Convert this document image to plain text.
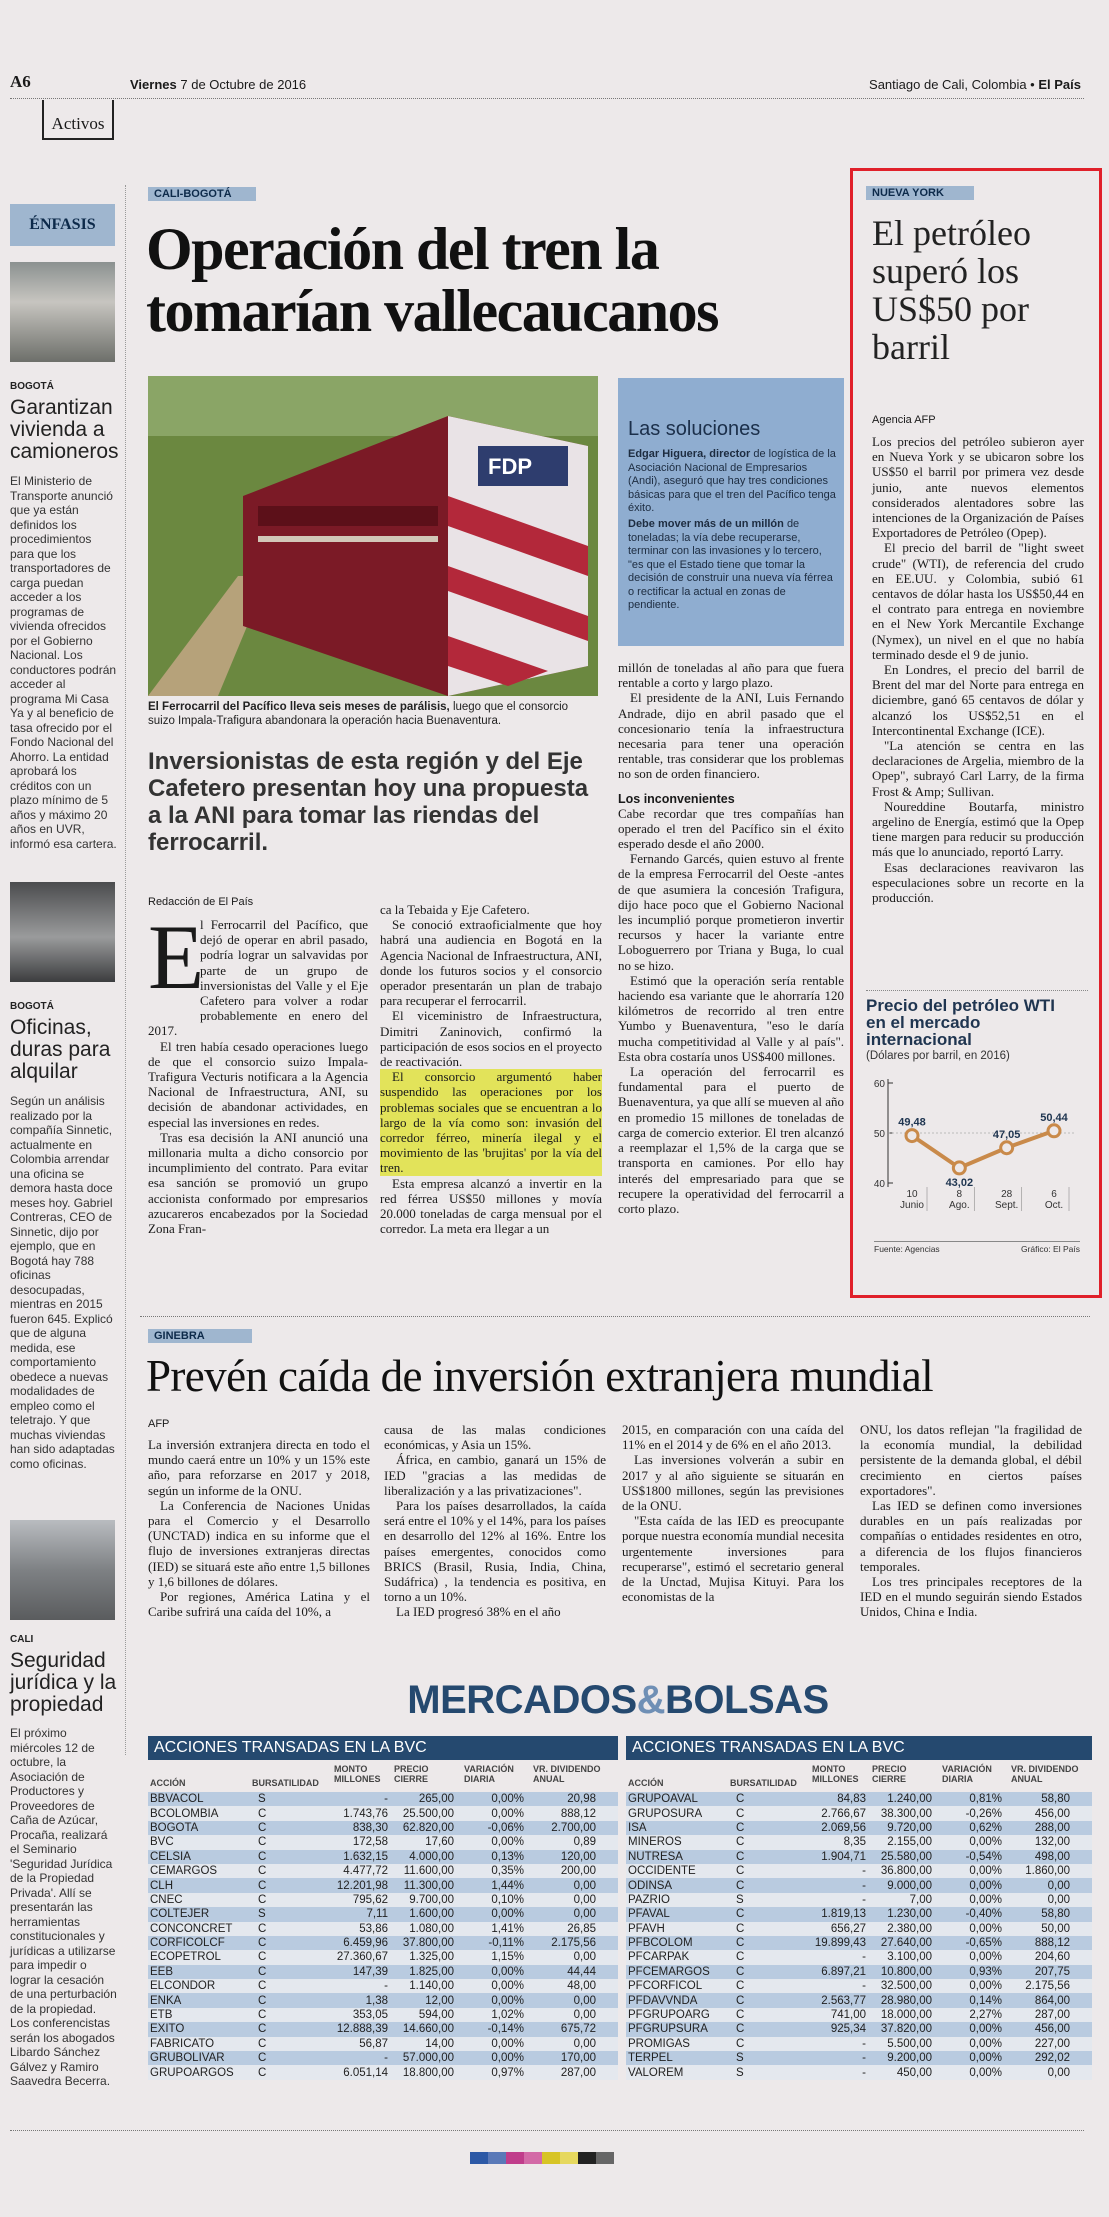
A6	Viernes 7 de Octubre de 2016	Santiago de Cali, Colombia • El País
Activos
ÉNFASIS
BOGOTÁ
Garantizan vivienda a camioneros
El Ministerio de Transporte anunció que ya están definidos los procedimientos para que los transportadores de carga puedan acceder a los programas de vivienda ofrecidos por el Gobierno Nacional. Los conductores podrán acceder al programa Mi Casa Ya y al beneficio de tasa ofrecido por el Fondo Nacional del Ahorro. La entidad aprobará los créditos con un plazo mínimo de 5 años y máximo 20 años en UVR, informó esa cartera.
BOGOTÁ
Oficinas, duras para alquilar
Según un análisis realizado por la compañía Sinnetic, actualmente en Colombia arrendar una oficina se demora hasta doce meses hoy. Gabriel Contreras, CEO de Sinnetic, dijo por ejemplo, que en Bogotá hay 788 oficinas desocupadas, mientras en 2015 fueron 645. Explicó que de alguna medida, ese comportamiento obedece a nuevas modalidades de empleo como el teletrajo. Y que muchas viviendas han sido adaptadas como oficinas.
CALI
Seguridad jurídica y la propiedad
El próximo miércoles 12 de octubre, la Asociación de Productores y Proveedores de Caña de Azúcar, Procaña, realizará el Seminario 'Seguridad Jurídica de la Propiedad Privada'. Allí se presentarán las herramientas constitucionales y jurídicas a utilizarse para impedir o lograr la cesación de una perturbación de la propiedad. Los conferencistas serán los abogados Libardo Sánchez Gálvez y Ramiro Saavedra Becerra.
CALI-BOGOTÁ
Operación del tren la tomarían vallecaucanos
FDP
El Ferrocarril del Pacífico lleva seis meses de parálisis, luego que el consorcio suizo Impala-Trafigura abandonara la operación hacia Buenaventura.
Inversionistas de esta región y del Eje Cafetero presentan hoy una propuesta a la ANI para tomar las riendas del ferrocarril.
Redacción de El País
E

l Ferrocarril del Pacífico, que dejó de operar en abril pasado, podría lograr un salvavidas por parte de un grupo de inversionistas del Valle y el Eje Cafetero para volver a rodar probablemente en enero del 2017.

El tren había cesado operaciones luego de que el consorcio suizo Impala-Trafigura Vecturis notificara a la Agencia Nacional de Infraestructura, ANI, su decisión de abandonar actividades, en especial las inversiones en redes.

Tras esa decisión la ANI anunció una millonaria multa a dicho consorcio por incumplimiento del contrato. Para evitar esa sanción se promovió un grupo accionista conformado por empresarios azucareros encabezados por la Sociedad Zona Fran-

ca la Tebaida y Eje Cafetero.

Se conoció extraoficialmente que hoy habrá una audiencia en Bogotá en la Agencia Nacional de Infraestructura, ANI, donde los futuros socios y el consorcio operador presentarán un plan de trabajo para recuperar el ferrocarril.

El viceministro de Infraestructura, Dimitri Zaninovich, confirmó la participación de esos socios en el proyecto de reactivación.

El consorcio argumentó haber suspendido las operaciones por los problemas sociales que se encuentran a lo largo de la vía como son: invasión del corredor férreo, minería ilegal y el movimiento de las 'brujitas' por la vía del tren.

Esta empresa alcanzó a invertir en la red férrea US$50 millones y movía 20.000 toneladas de carga mensual por el corredor. La meta era llegar a un

Las soluciones
Edgar Higuera, director de logística de la Asociación Nacional de Empresarios (Andi), aseguró que hay tres condiciones básicas para que el tren del Pacífico tenga éxito.
Debe mover más de un millón de toneladas; la vía debe recuperarse, terminar con las invasiones y lo tercero, "es que el Estado tiene que tomar la decisión de construir una nueva vía férrea o rectificar la actual en zonas de pendiente.

millón de toneladas al año para que fuera rentable a corto y largo plazo.

El presidente de la ANI, Luis Fernando Andrade, dijo en abril pasado que el concesionario tenía la infraestructura necesaria para tener una operación rentable, tras considerar que los problemas no son de orden financiero.

Los inconvenientes

Cabe recordar que tres compañías han operado el tren del Pacífico sin el éxito esperado desde el año 2000.

Fernando Garcés, quien estuvo al frente de la empresa Ferrocarril del Oeste -antes de que asumiera la concesión Trafigura, dijo hace poco que el Gobierno Nacional les incumplió porque prometieron invertir recursos y hacer la variante entre Loboguerrero por Triana y Buga, lo cual no se hizo.

Estimó que la operación sería rentable haciendo esa variante que le ahorraría 120 kilómetros de recorrido al tren entre Yumbo y Buenaventura, "eso le daría mucha competitividad al Valle y al país". Esta obra costaría unos US$400 millones.

La operación del ferrocarril es fundamental para el puerto de Buenaventura, ya que allí se mueven al año en promedio 15 millones de toneladas de carga de comercio exterior. El tren alcanzó a reemplazar el 1,5% de la carga que se transporta en camiones. Por ello hay interés del empresariado para que se recupere la operatividad del ferrocarril a corto plazo.

NUEVA YORK
El petróleo superó los US$50 por barril
Agencia AFP

Los precios del petróleo subieron ayer en Nueva York y se ubicaron sobre los US$50 el barril por primera vez desde junio, ante nuevos elementos considerados alentadores sobre las intenciones de la Organización de Países Exportadores de Petróleo (Opep).

El precio del barril de "light sweet crude" (WTI), de referencia del crudo en EE.UU. y Colombia, subió 61 centavos de dólar hasta los US$50,44 en el contrato para entrega en noviembre en el New York Mercantile Exchange (Nymex), un nivel en el que no había terminado desde el 9 de junio.

En Londres, el precio del barril de Brent del mar del Norte para entrega en diciembre, ganó 65 centavos de dólar y alcanzó los US$52,51 en el Intercontinental Exchange (ICE).

"La atención se centra en las declaraciones de Argelia, miembro de la Opep", subrayó Carl Larry, de la firma Frost & Amp; Sullivan.

Noureddine Boutarfa, ministro argelino de Energía, estimó que la Opep tiene margen para reducir su producción más que lo anunciado, reportó Larry.

Esas declaraciones reavivaron las especulaciones sobre un recorte en la producción.

Precio del petróleo WTI en el mercado internacional
(Dólares por barril, en 2016)
60
50
40
49,48
10
Junio
43,02
8
Ago.
47,05
28
Sept.
50,44
6
Oct.
Fuente: Agencias	Gráfico: El País
GINEBRA
Prevén caída de inversión extranjera mundial
AFP

La inversión extranjera directa en todo el mundo caerá entre un 10% y un 15% este año, para reforzarse en 2017 y 2018, según un informe de la ONU.

La Conferencia de Naciones Unidas para el Comercio y el Desarrollo (UNCTAD) indica en su informe que el flujo de inversiones extranjeras directas (IED) se situará este año entre 1,5 billones y 1,6 billones de dólares.

Por regiones, América Latina y el Caribe sufrirá una caída del 10%, a

causa de las malas condiciones económicas, y Asia un 15%.

África, en cambio, ganará un 15% de IED "gracias a las medidas de liberalización y a las privatizaciones".

Para los países desarrollados, la caída será entre el 10% y el 14%, para los países en desarrollo del 12% al 16%. Entre los países emergentes, conocidos como BRICS (Brasil, Rusia, India, China, Sudáfrica) , la tendencia es positiva, en torno a un 10%.

La IED progresó 38% en el año

2015, en comparación con una caída del 11% en el 2014 y de 6% en el año 2013.

Las inversiones volverán a subir en 2017 y al año siguiente se situarán en US$1800 millones, según las previsiones de la ONU.

"Esta caída de las IED es preocupante porque nuestra economía mundial necesita urgentemente inversiones para recuperarse", estimó el secretario general de la Unctad, Mujisa Kituyi. Para los economistas de la

ONU, los datos reflejan "la fragilidad de la economía mundial, la debilidad persistente de la demanda global, el débil crecimiento en ciertos países exportadores".

Las IED se definen como inversiones durables en un país realizadas por compañías o entidades residentes en otro, a diferencia de los flujos financieros temporales.

Los tres principales receptores de la IED en el mundo seguirán siendo Estados Unidos, China e India.

MERCADOS&BOLSAS
ACCIONES TRANSADAS EN LA BVC
ACCIÓN	BURSATILIDAD
MONTO MILLONES
PRECIO CIERRE
VARIACIÓN DIARIA
VR. DIVIDENDO ANUAL
BBVACOL	S	-	265,00	0,00%	20,98
BCOLOMBIA	C	1.743,76	25.500,00	0,00%	888,12
BOGOTA	C	838,30	62.820,00	-0,06%	2.700,00
BVC	C	172,58	17,60	0,00%	0,89
CELSIA	C	1.632,15	4.000,00	0,13%	120,00
CEMARGOS	C	4.477,72	11.600,00	0,35%	200,00
CLH	C	12.201,98	11.300,00	1,44%	0,00
CNEC	C	795,62	9.700,00	0,10%	0,00
COLTEJER	S	7,11	1.600,00	0,00%	0,00
CONCONCRET	C	53,86	1.080,00	1,41%	26,85
CORFICOLCF	C	6.459,96	37.800,00	-0,11%	2.175,56
ECOPETROL	C	27.360,67	1.325,00	1,15%	0,00
EEB	C	147,39	1.825,00	0,00%	44,44
ELCONDOR	C	-	1.140,00	0,00%	48,00
ENKA	C	1,38	12,00	0,00%	0,00
ETB	C	353,05	594,00	1,02%	0,00
EXITO	C	12.888,39	14.660,00	-0,14%	675,72
FABRICATO	C	56,87	14,00	0,00%	0,00
GRUBOLIVAR	C	-	57.000,00	0,00%	170,00
GRUPOARGOS	C	6.051,14	18.800,00	0,97%	287,00
ACCIONES TRANSADAS EN LA BVC
ACCIÓN	BURSATILIDAD
MONTO MILLONES
PRECIO CIERRE
VARIACIÓN DIARIA
VR. DIVIDENDO ANUAL
GRUPOAVAL	C	84,83	1.240,00	0,81%	58,80
GRUPOSURA	C	2.766,67	38.300,00	-0,26%	456,00
ISA	C	2.069,56	9.720,00	0,62%	288,00
MINEROS	C	8,35	2.155,00	0,00%	132,00
NUTRESA	C	1.904,71	25.580,00	-0,54%	498,00
OCCIDENTE	C	-	36.800,00	0,00%	1.860,00
ODINSA	C	-	9.000,00	0,00%	0,00
PAZRIO	S	-	7,00	0,00%	0,00
PFAVAL	C	1.819,13	1.230,00	-0,40%	58,80
PFAVH	C	656,27	2.380,00	0,00%	50,00
PFBCOLOM	C	19.899,43	27.640,00	-0,65%	888,12
PFCARPAK	C	-	3.100,00	0,00%	204,60
PFCEMARGOS	C	6.897,21	10.800,00	0,93%	207,75
PFCORFICOL	C	-	32.500,00	0,00%	2.175,56
PFDAVVNDA	C	2.563,77	28.980,00	0,14%	864,00
PFGRUPOARG	C	741,00	18.000,00	2,27%	287,00
PFGRUPSURA	C	925,34	37.820,00	0,00%	456,00
PROMIGAS	C	-	5.500,00	0,00%	227,00
TERPEL	S	-	9.200,00	0,00%	292,02
VALOREM	S	-	450,00	0,00%	0,00
